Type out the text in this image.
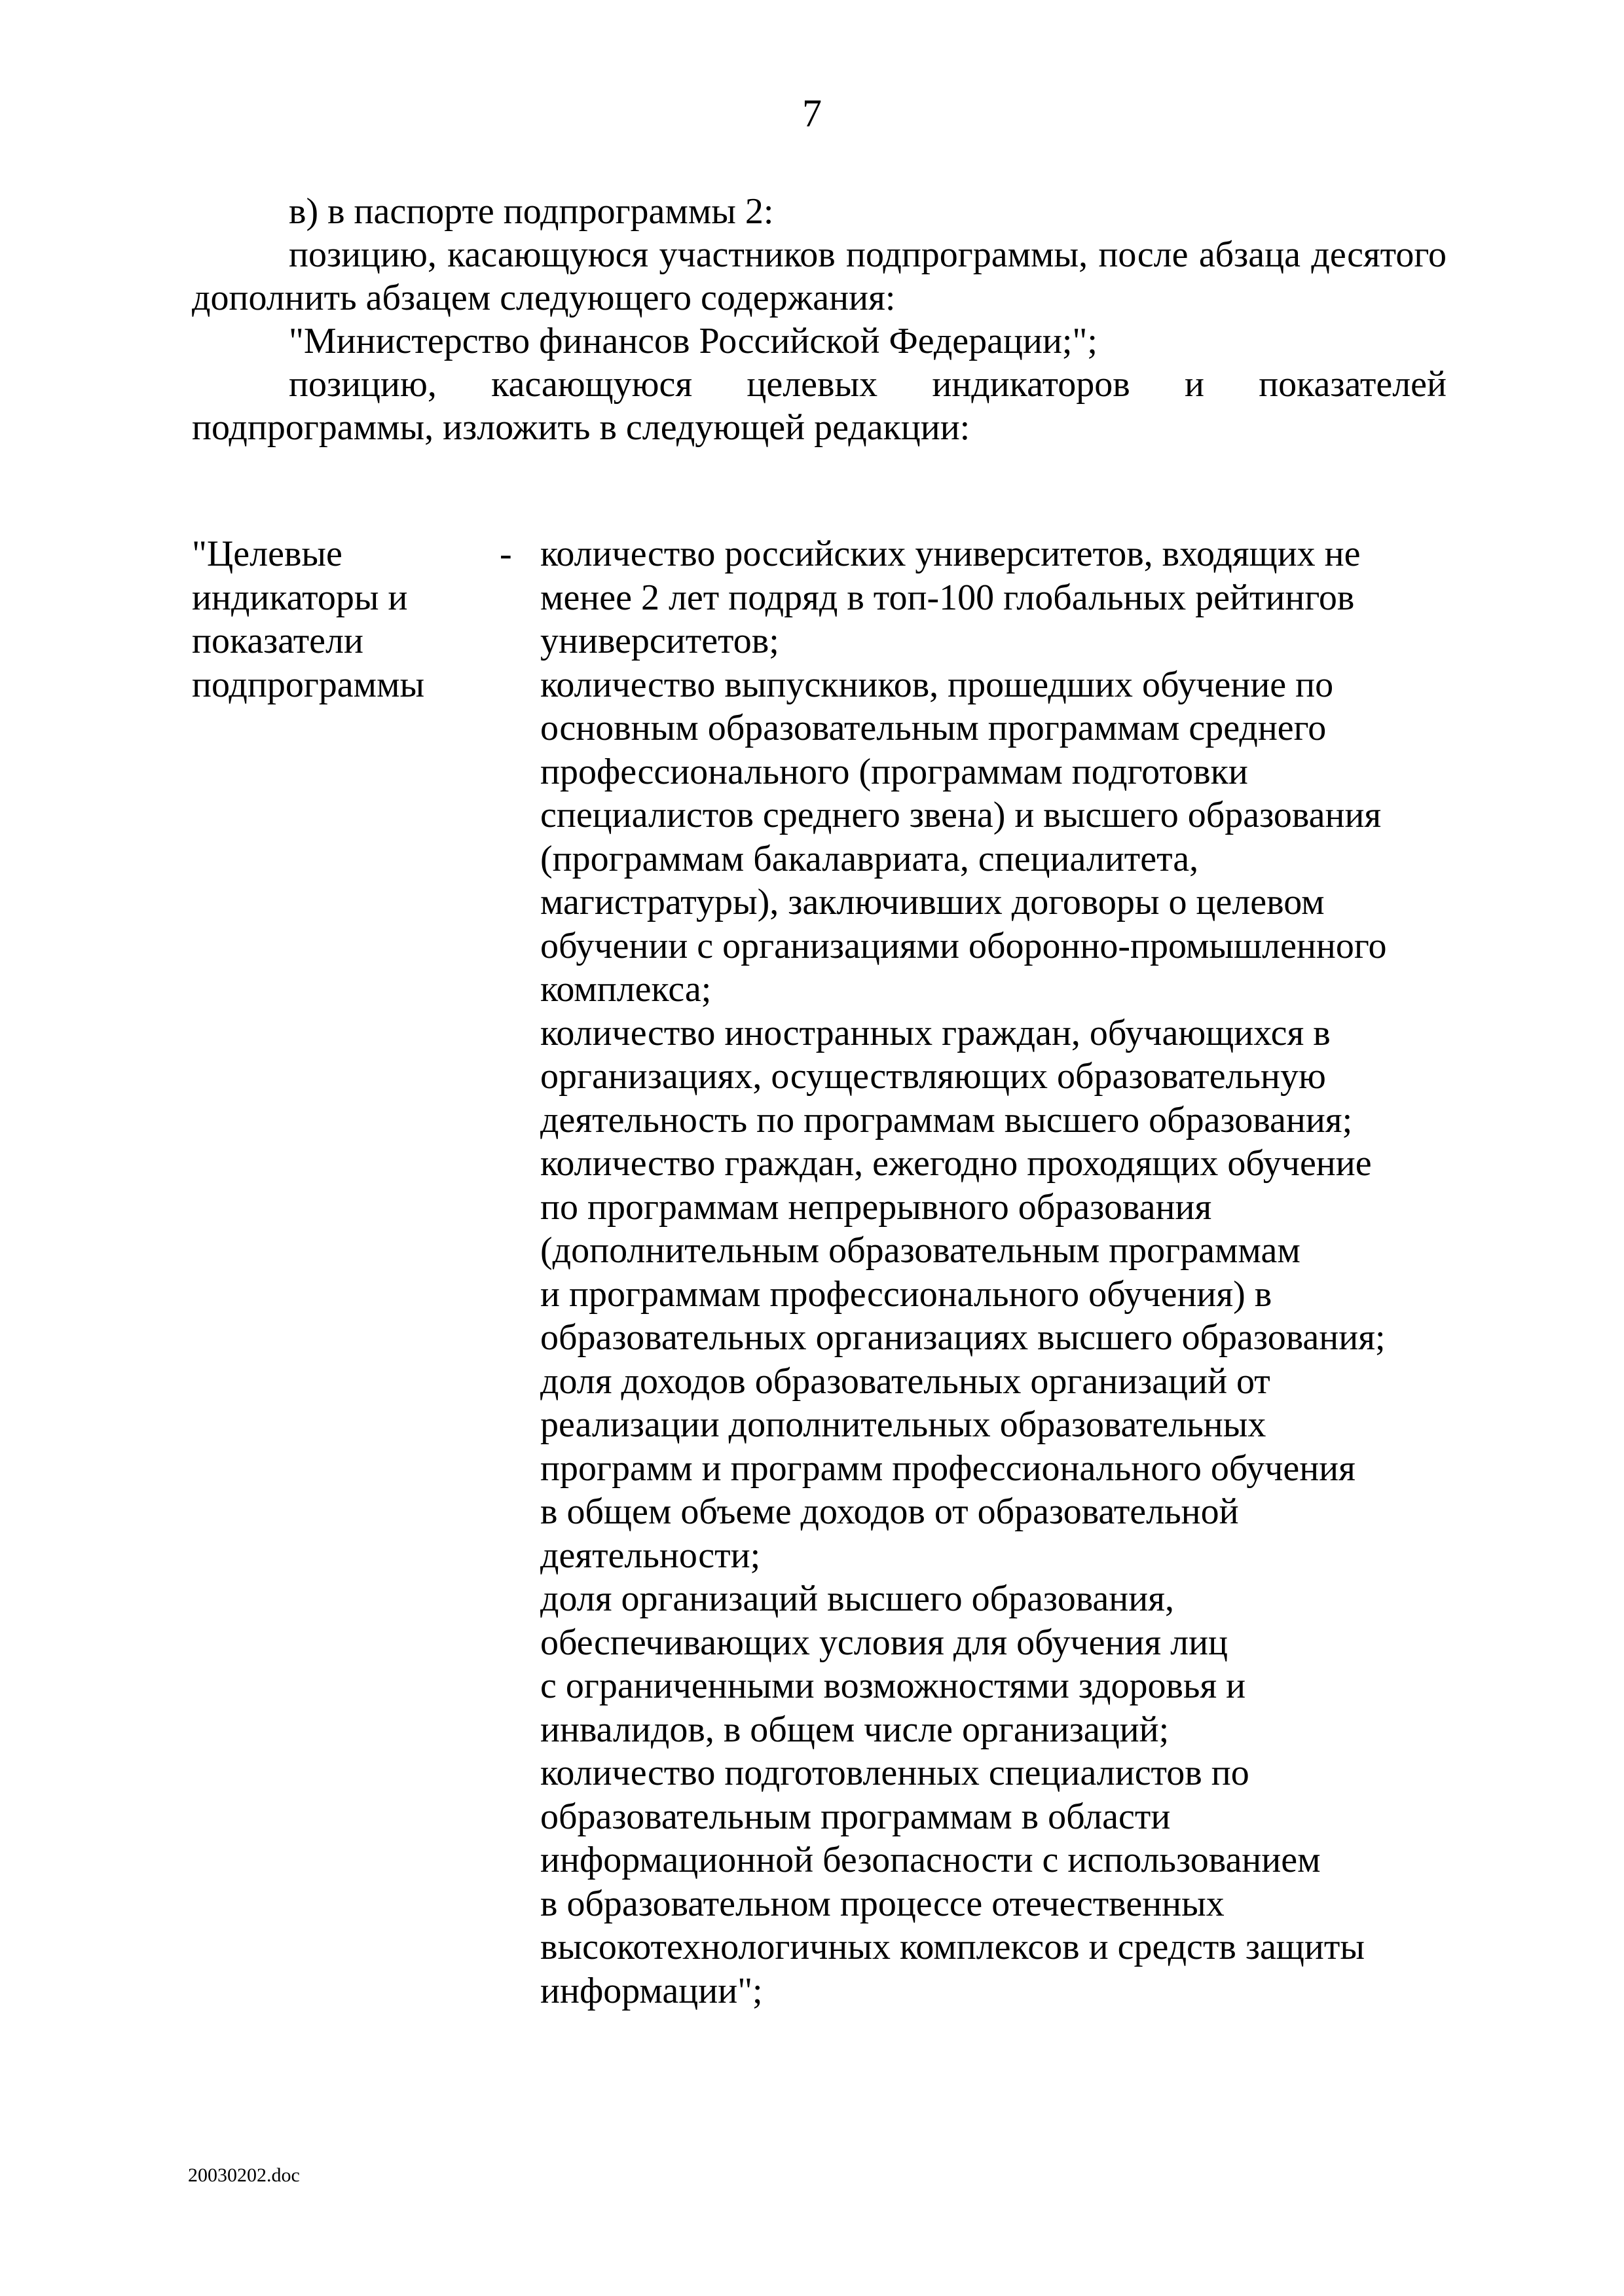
7

в) в паспорте подпрограммы 2:

позицию, касающуюся участников подпрограммы, после абзаца десятого дополнить абзацем следующего содержания:

"Министерство финансов Российской Федерации;";

позицию, касающуюся целевых индикаторов и показателей подпрограммы, изложить в следующей редакции:

"Целевые
индикаторы и
показатели
подпрограммы
- количество российских университетов, входящих не
менее 2 лет подряд в топ-100 глобальных рейтингов
университетов;
количество выпускников, прошедших обучение по
основным образовательным программам среднего
профессионального (программам подготовки
специалистов среднего звена) и высшего образования
(программам бакалавриата, специалитета,
магистратуры), заключивших договоры о целевом
обучении с организациями оборонно-промышленного
комплекса;
количество иностранных граждан, обучающихся в
организациях, осуществляющих образовательную
деятельность по программам высшего образования;
количество граждан, ежегодно проходящих обучение
по программам непрерывного образования
(дополнительным образовательным программам
и программам профессионального обучения) в
образовательных организациях высшего образования;
доля доходов образовательных организаций от
реализации дополнительных образовательных
программ и программ профессионального обучения
в общем объеме доходов от образовательной
деятельности;
доля организаций высшего образования,
обеспечивающих условия для обучения лиц
с ограниченными возможностями здоровья и
инвалидов, в общем числе организаций;
количество подготовленных специалистов по
образовательным программам в области
информационной безопасности с использованием
в образовательном процессе отечественных
высокотехнологичных комплексов и средств защиты
информации";
20030202.doc
